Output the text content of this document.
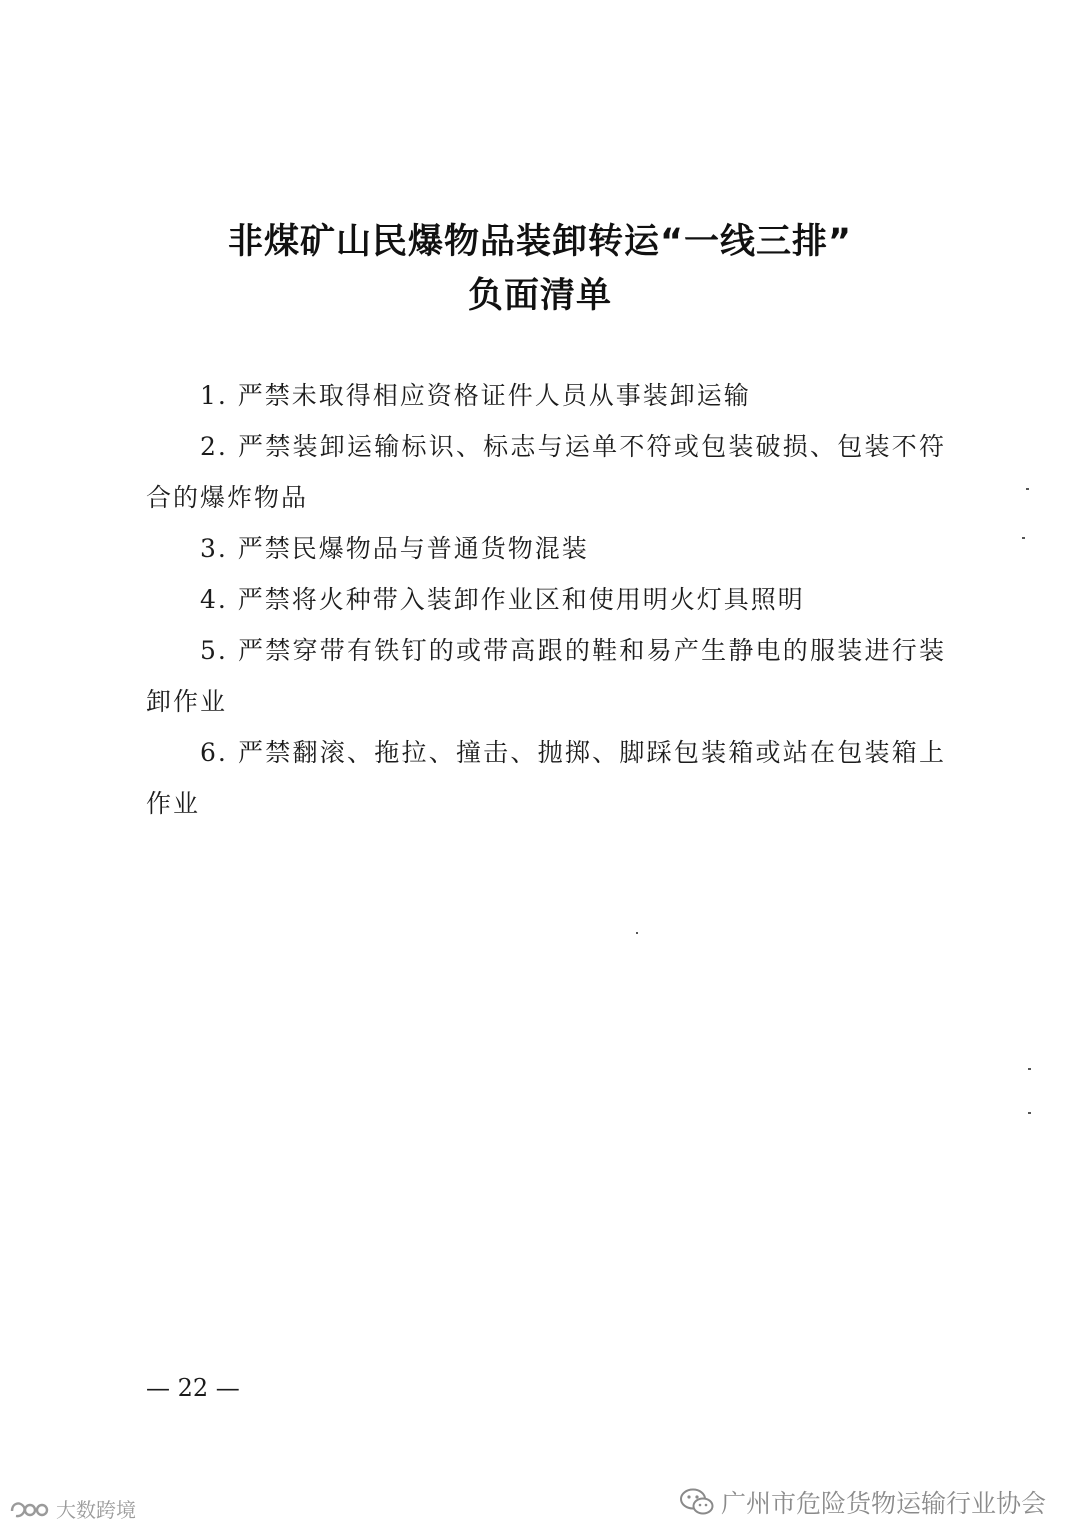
非煤矿山民爆物品装卸转运“一线三排”
负面清单

1. 严禁未取得相应资格证件人员从事装卸运输

2. 严禁装卸运输标识、标志与运单不符或包装破损、包装不符合的爆炸物品

3. 严禁民爆物品与普通货物混装

4. 严禁将火种带入装卸作业区和使用明火灯具照明

5. 严禁穿带有铁钉的或带高跟的鞋和易产生静电的服装进行装卸作业

6. 严禁翻滚、拖拉、撞击、抛掷、脚踩包装箱或站在包装箱上作业

— 22 —
广州市危险货物运输行业协会
大数跨境
